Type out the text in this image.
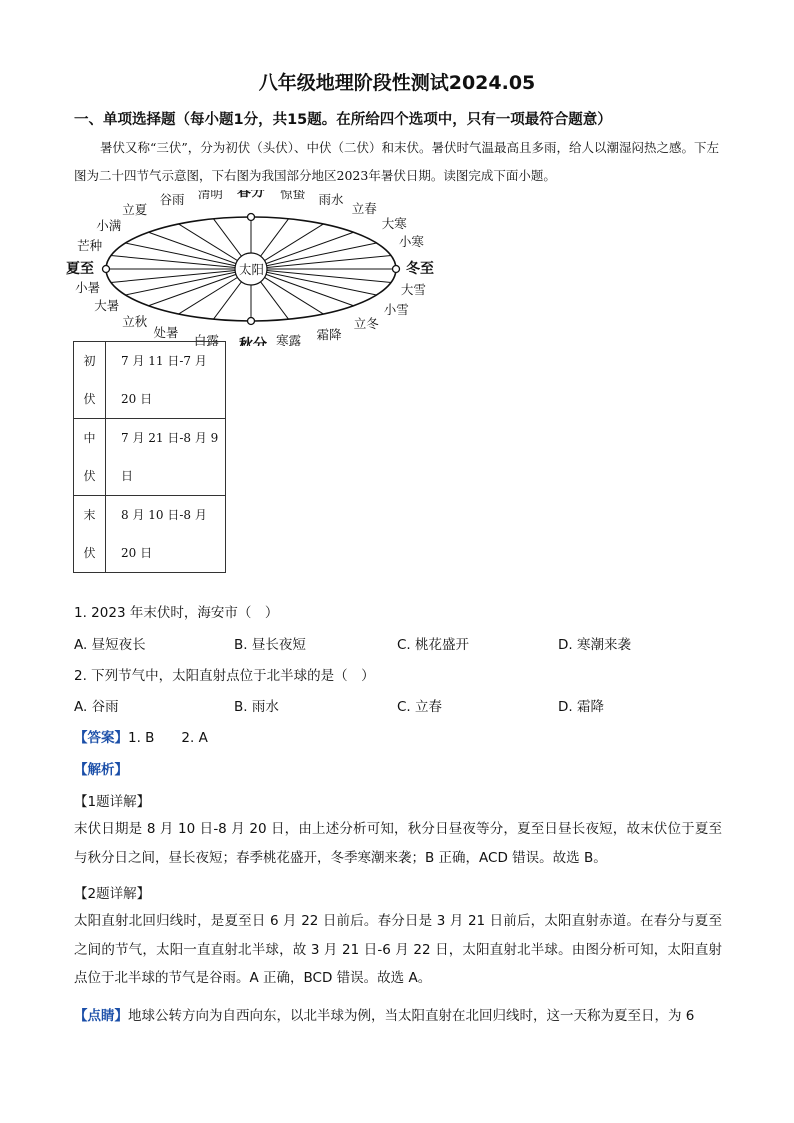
八年级地理阶段性测试2024.05
一、单项选择题（每小题1分，共15题。在所给四个选项中，只有一项最符合题意）
暑伏又称“三伏”，分为初伏（头伏）、中伏（二伏）和末伏。暑伏时气温最高且多雨，给人以潮湿闷热之感。下左图为二十四节气示意图，下右图为我国部分地区2023年暑伏日期。读图完成下面小题。
夏至
芒种
小满
立夏
谷雨 清明 春分 惊蛰 雨水
立春
大寒
小寒
冬至
大雪
小雪
立冬
霜降
寒露
秋分
白露
处暑
立秋
大暑
小暑
太阳
初
伏	7 月 11 日-7 月
20 日

中
伏	7 月 21 日-8 月 9
日

末
伏	8 月 10 日-8 月
20 日
1. 2023 年末伏时，海安市（　）
A. 昼短夜长	B. 昼长夜短	C. 桃花盛开	D. 寒潮来袭
2. 下列节气中，太阳直射点位于北半球的是（　）
A. 谷雨	B. 雨水	C. 立春	D. 霜降
【答案】1. B　　2. A
【解析】
【1题详解】
末伏日期是 8 月 10 日-8 月 20 日，由上述分析可知，秋分日昼夜等分，夏至日昼长夜短，故末伏位于夏至与秋分日之间，昼长夜短；春季桃花盛开，冬季寒潮来袭；B 正确，ACD 错误。故选 B。
【2题详解】
太阳直射北回归线时，是夏至日 6 月 22 日前后。春分日是 3 月 21 日前后，太阳直射赤道。在春分与夏至之间的节气，太阳一直直射北半球，故 3 月 21 日-6 月 22 日，太阳直射北半球。由图分析可知，太阳直射点位于北半球的节气是谷雨。A 正确，BCD 错误。故选 A。
【点睛】地球公转方向为自西向东，以北半球为例，当太阳直射在北回归线时，这一天称为夏至日，为 6
